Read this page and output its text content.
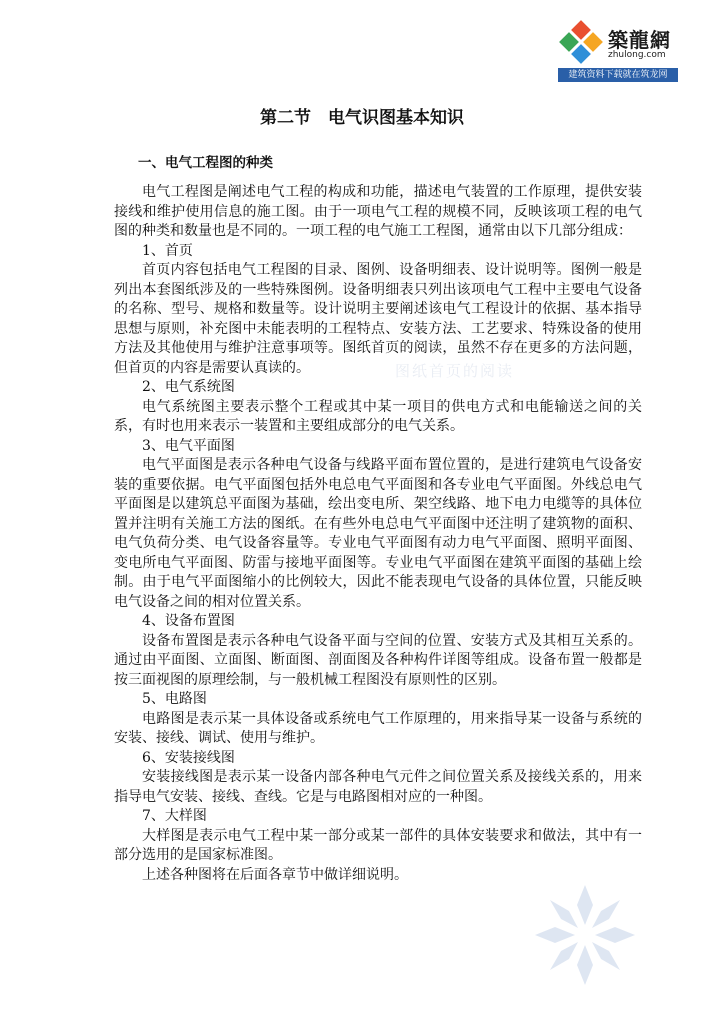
築龍網
zhulong.com
建筑资料下载就在筑龙网
图纸首页的阅读
第二节　电气识图基本知识
一、电气工程图的种类

电气工程图是阐述电气工程的构成和功能，描述电气装置的工作原理，提供安装接线和维护使用信息的施工图。由于一项电气工程的规模不同，反映该项工程的电气图的种类和数量也是不同的。一项工程的电气施工工程图，通常由以下几部分组成：

1、首页

首页内容包括电气工程图的目录、图例、设备明细表、设计说明等。图例一般是列出本套图纸涉及的一些特殊图例。设备明细表只列出该项电气工程中主要电气设备的名称、型号、规格和数量等。设计说明主要阐述该电气工程设计的依据、基本指导思想与原则，补充图中未能表明的工程特点、安装方法、工艺要求、特殊设备的使用方法及其他使用与维护注意事项等。图纸首页的阅读，虽然不存在更多的方法问题，但首页的内容是需要认真读的。

2、电气系统图

电气系统图主要表示整个工程或其中某一项目的供电方式和电能输送之间的关系，有时也用来表示一装置和主要组成部分的电气关系。

3、电气平面图

电气平面图是表示各种电气设备与线路平面布置位置的，是进行建筑电气设备安装的重要依据。电气平面图包括外电总电气平面图和各专业电气平面图。外线总电气平面图是以建筑总平面图为基础，绘出变电所、架空线路、地下电力电缆等的具体位置并注明有关施工方法的图纸。在有些外电总电气平面图中还注明了建筑物的面积、电气负荷分类、电气设备容量等。专业电气平面图有动力电气平面图、照明平面图、变电所电气平面图、防雷与接地平面图等。专业电气平面图在建筑平面图的基础上绘制。由于电气平面图缩小的比例较大，因此不能表现电气设备的具体位置，只能反映电气设备之间的相对位置关系。

4、设备布置图

设备布置图是表示各种电气设备平面与空间的位置、安装方式及其相互关系的。通过由平面图、立面图、断面图、剖面图及各种构件详图等组成。设备布置一般都是按三面视图的原理绘制，与一般机械工程图没有原则性的区别。

5、电路图

电路图是表示某一具体设备或系统电气工作原理的，用来指导某一设备与系统的安装、接线、调试、使用与维护。

6、安装接线图

安装接线图是表示某一设备内部各种电气元件之间位置关系及接线关系的，用来指导电气安装、接线、查线。它是与电路图相对应的一种图。

7、大样图

大样图是表示电气工程中某一部分或某一部件的具体安装要求和做法，其中有一部分选用的是国家标准图。

上述各种图将在后面各章节中做详细说明。
